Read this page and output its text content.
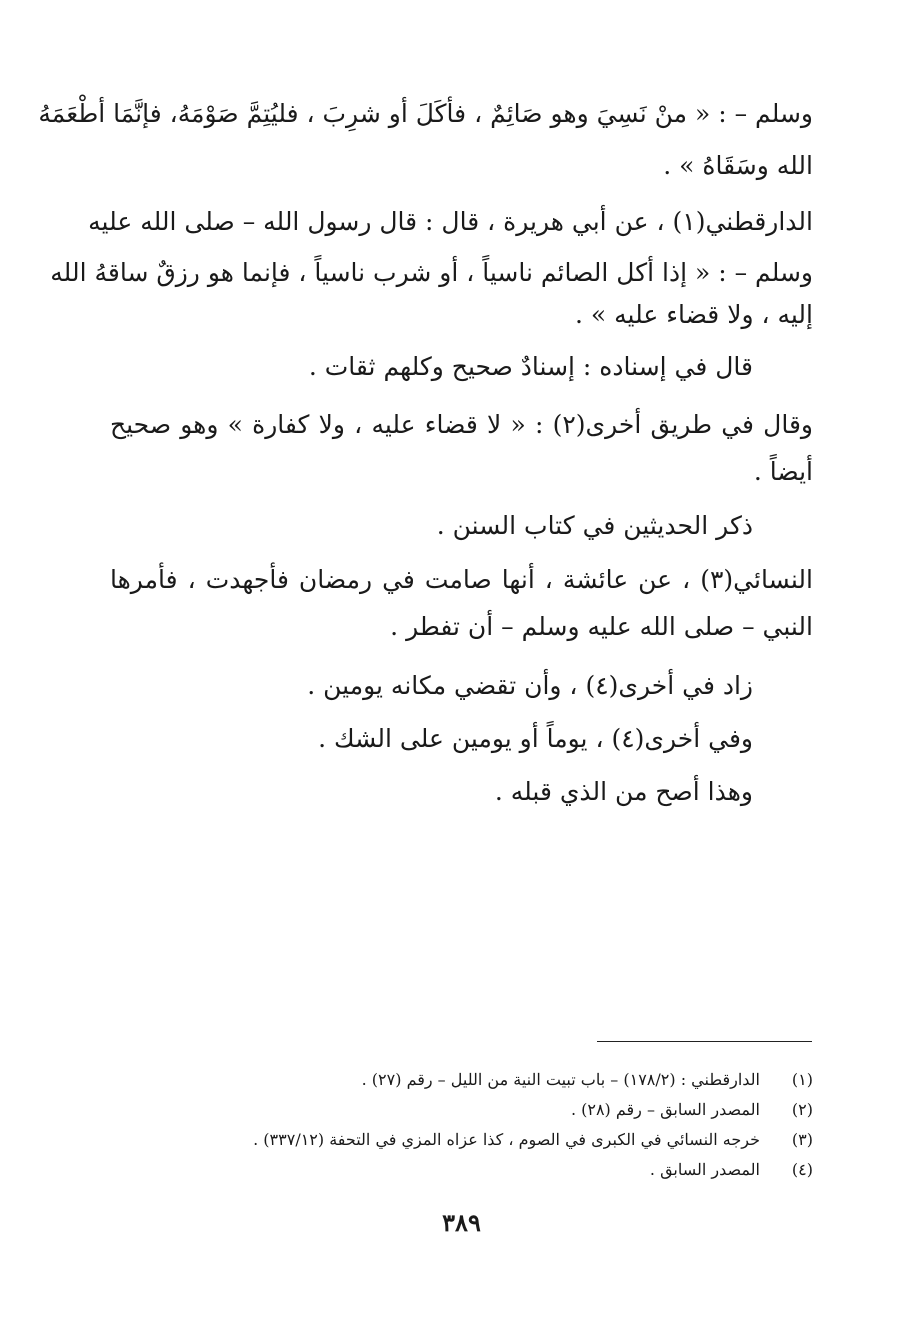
وسلم – : « منْ نَسِيَ وهو صَائِمٌ ، فأكَلَ أو شرِبَ ، فليُتِمَّ صَوْمَهُ، فإنَّمَا أطْعَمَهُ
الله وسَقَاهُ » .
الدارقطني(١) ، عن أبي هريرة ، قال : قال رسول الله – صلى الله عليه
وسلم – : « إذا أكل الصائم ناسياً ، أو شرب ناسياً ، فإنما هو رزقٌ ساقهُ الله
إليه ، ولا قضاء عليه » .
قال في إسناده : إسنادٌ صحيح وكلهم ثقات .
وقال في طريق أخرى(٢) : « لا قضاء عليه ، ولا كفارة » وهو صحيح
أيضاً .
ذكر الحديثين في كتاب السنن .
النسائي(٣) ، عن عائشة ، أنها صامت في رمضان فأجهدت ، فأمرها
النبي – صلى الله عليه وسلم – أن تفطر .
زاد في أخرى(٤) ، وأن تقضي مكانه يومين .
وفي أخرى(٤) ، يوماً أو يومين على الشك .
وهذا أصح من الذي قبله .
(١)
الدارقطني : (١٧٨/٢) – باب تبيت النية من الليل – رقم (٢٧) .
(٢)
المصدر السابق – رقم (٢٨) .
(٣)
خرجه النسائي في الكبرى في الصوم ، كذا عزاه المزي في التحفة (٣٣٧/١٢) .
(٤)
المصدر السابق .
٣٨٩
